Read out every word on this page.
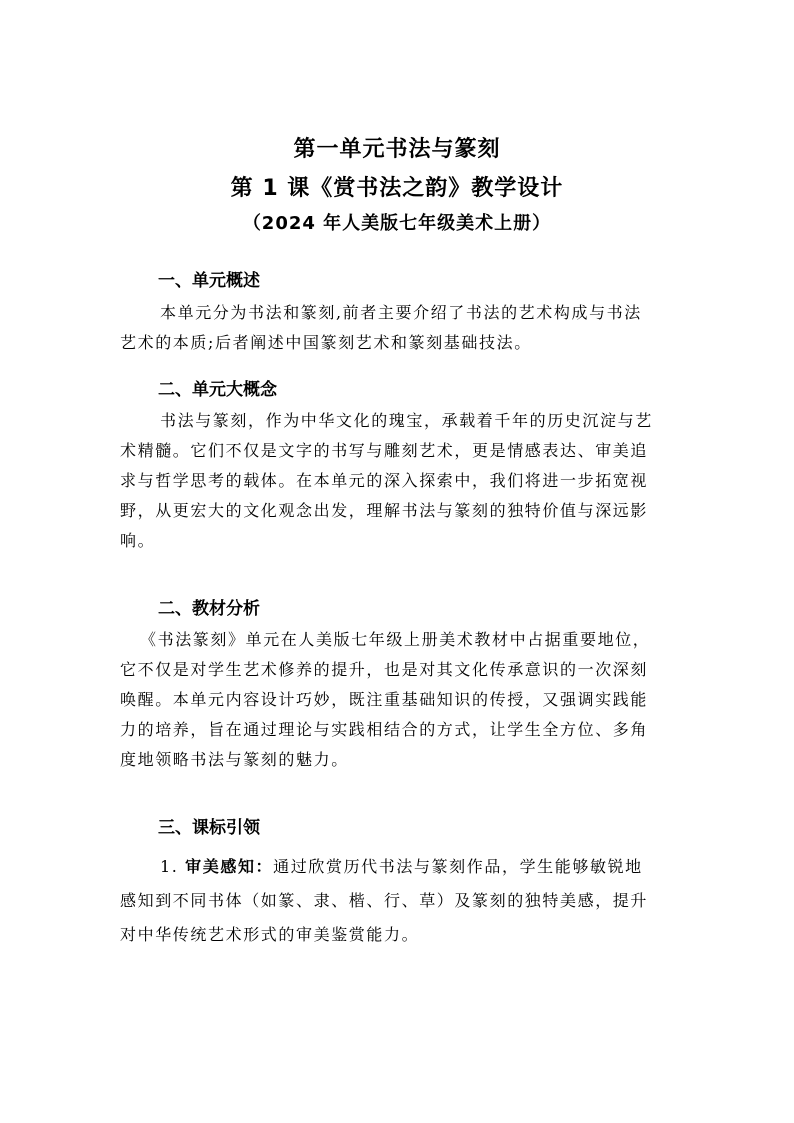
第一单元书法与篆刻
第 1 课《赏书法之韵》教学设计
（2024 年人美版七年级美术上册）
一、单元概述
本单元分为书法和篆刻,前者主要介绍了书法的艺术构成与书法
艺术的本质;后者阐述中国篆刻艺术和篆刻基础技法。
二、单元大概念
书法与篆刻，作为中华文化的瑰宝，承载着千年的历史沉淀与艺
术精髓。它们不仅是文字的书写与雕刻艺术，更是情感表达、审美追
求与哲学思考的载体。在本单元的深入探索中，我们将进一步拓宽视
野，从更宏大的文化观念出发，理解书法与篆刻的独特价值与深远影
响。
二、教材分析
《书法篆刻》单元在人美版七年级上册美术教材中占据重要地位，
它不仅是对学生艺术修养的提升，也是对其文化传承意识的一次深刻
唤醒。本单元内容设计巧妙，既注重基础知识的传授，又强调实践能
力的培养，旨在通过理论与实践相结合的方式，让学生全方位、多角
度地领略书法与篆刻的魅力。
三、课标引领
1. 审美感知：通过欣赏历代书法与篆刻作品，学生能够敏锐地
感知到不同书体（如篆、隶、楷、行、草）及篆刻的独特美感，提升
对中华传统艺术形式的审美鉴赏能力。
